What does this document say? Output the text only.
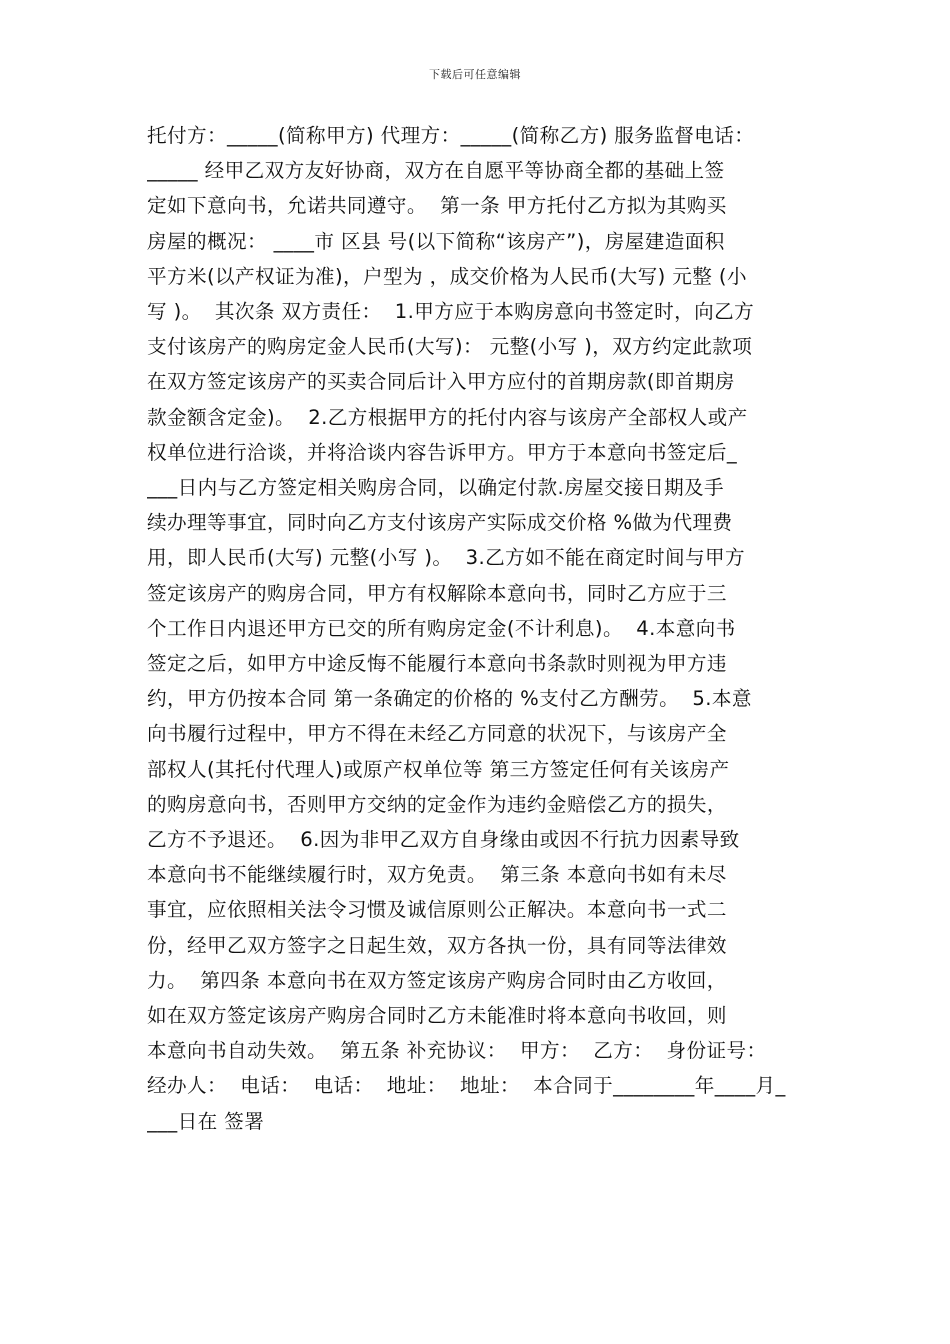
下载后可任意编辑
托付方：_____(简称甲方) 代理方：_____(简称乙方) 服务监督电话：
_____ 经甲乙双方友好协商，双方在自愿平等协商全都的基础上签
定如下意向书，允诺共同遵守。  第一条 甲方托付乙方拟为其购买
房屋的概况： ____市 区县 号(以下简称“该房产”)，房屋建造面积
平方米(以产权证为准)，户型为 ，成交价格为人民币(大写) 元整 (小
写 )。  其次条 双方责任：  1.甲方应于本购房意向书签定时，向乙方
支付该房产的购房定金人民币(大写)： 元整(小写 )，双方约定此款项
在双方签定该房产的买卖合同后计入甲方应付的首期房款(即首期房
款金额含定金)。  2.乙方根据甲方的托付内容与该房产全部权人或产
权单位进行洽谈，并将洽谈内容告诉甲方。甲方于本意向书签定后_
___日内与乙方签定相关购房合同，以确定付款.房屋交接日期及手
续办理等事宜，同时向乙方支付该房产实际成交价格 %做为代理费
用，即人民币(大写) 元整(小写 )。  3.乙方如不能在商定时间与甲方
签定该房产的购房合同，甲方有权解除本意向书，同时乙方应于三
个工作日内退还甲方已交的所有购房定金(不计利息)。  4.本意向书
签定之后，如甲方中途反悔不能履行本意向书条款时则视为甲方违
约，甲方仍按本合同 第一条确定的价格的 %支付乙方酬劳。  5.本意
向书履行过程中，甲方不得在未经乙方同意的状况下，与该房产全
部权人(其托付代理人)或原产权单位等 第三方签定任何有关该房产
的购房意向书，否则甲方交纳的定金作为违约金赔偿乙方的损失，
乙方不予退还。  6.因为非甲乙双方自身缘由或因不行抗力因素导致
本意向书不能继续履行时，双方免责。  第三条 本意向书如有未尽
事宜，应依照相关法令习惯及诚信原则公正解决。本意向书一式二
份，经甲乙双方签字之日起生效，双方各执一份，具有同等法律效
力。  第四条 本意向书在双方签定该房产购房合同时由乙方收回，
如在双方签定该房产购房合同时乙方未能准时将本意向书收回，则
本意向书自动失效。  第五条 补充协议：  甲方：  乙方：  身份证号：
经办人：  电话：  电话：  地址：  地址：  本合同于________年____月_
___日在 签署
